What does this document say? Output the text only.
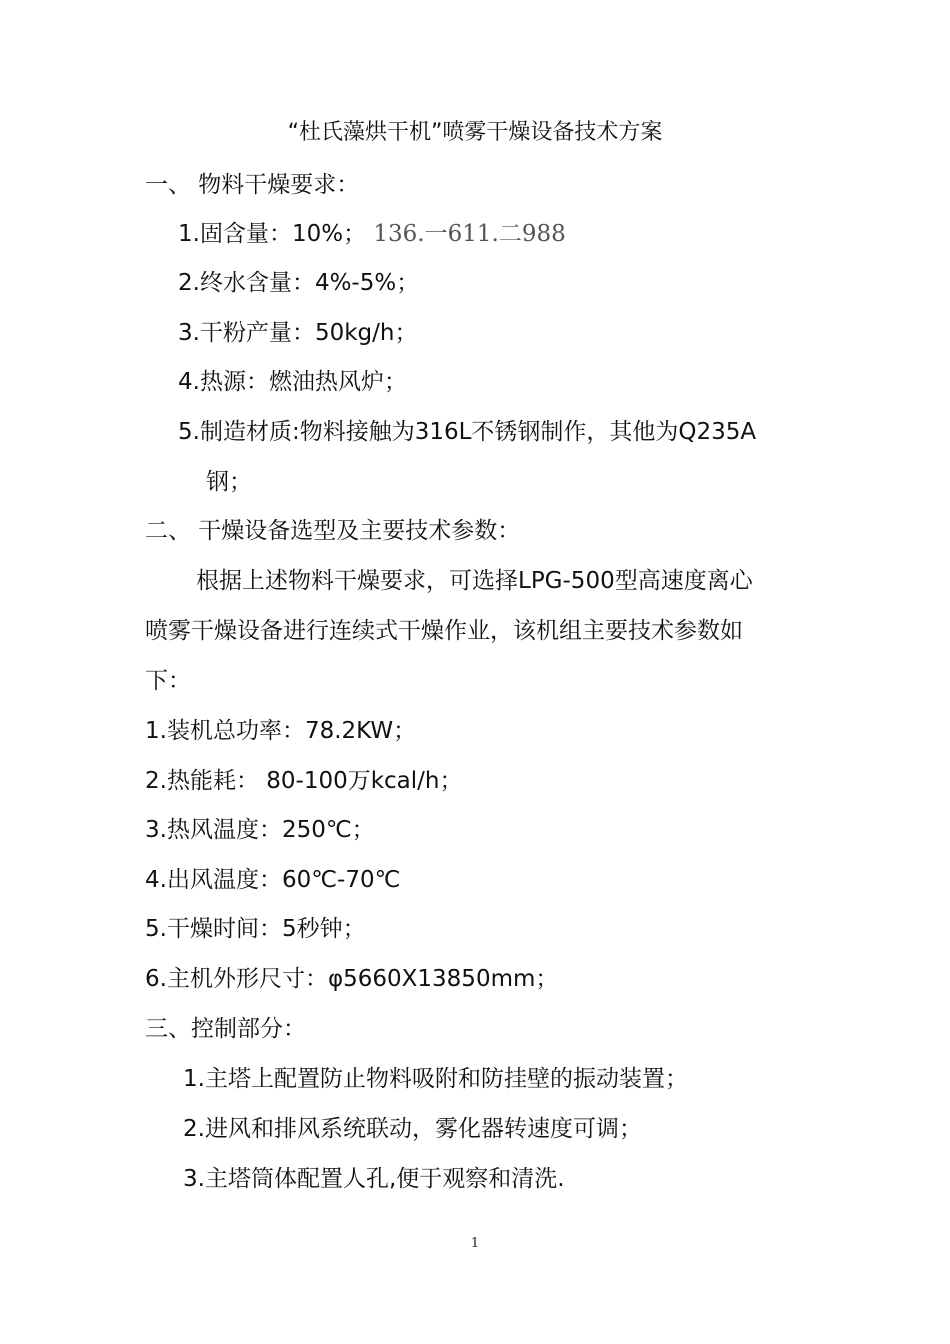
“杜氏藻烘干机”喷雾干燥设备技术方案
一、 物料干燥要求：
1.固含量：10%； 136.一611.二988
2.终水含量：4%-5%；
3.干粉产量：50kg/h；
4.热源：燃油热风炉；
5.制造材质:物料接触为316L不锈钢制作，其他为Q235A
钢；
二、 干燥设备选型及主要技术参数：
根据上述物料干燥要求，可选择LPG-500型高速度离心
喷雾干燥设备进行连续式干燥作业，该机组主要技术参数如
下：
1.装机总功率：78.2KW；
2.热能耗： 80-100万kcal/h；
3.热风温度：250℃；
4.出风温度：60℃-70℃
5.干燥时间：5秒钟；
6.主机外形尺寸：φ5660X13850mm；
三、控制部分：
1.主塔上配置防止物料吸附和防挂壁的振动装置；
2.进风和排风系统联动，雾化器转速度可调；
3.主塔筒体配置人孔,便于观察和清洗.
1
